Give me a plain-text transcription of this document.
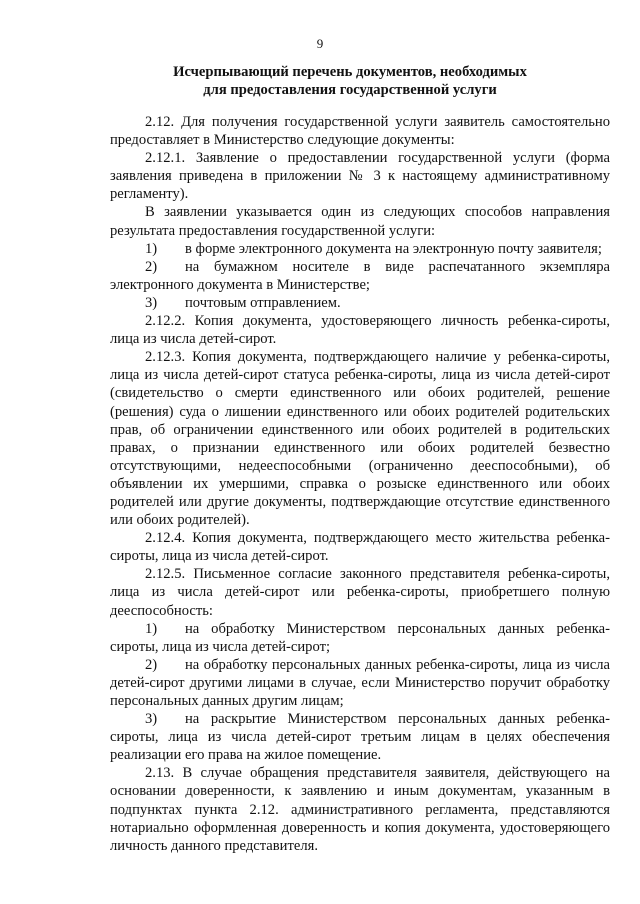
9
Исчерпывающий перечень документов, необходимых
для предоставления государственной услуги

2.12. Для получения государственной услуги заявитель самостоятельно предоставляет в Министерство следующие документы:

2.12.1. Заявление о предоставлении государственной услуги (форма заявления приведена в приложении № 3 к настоящему административному регламенту).

В заявлении указывается один из следующих способов направления результата предоставления государственной услуги:

1) в форме электронного документа на электронную почту заявителя;

2) на бумажном носителе в виде распечатанного экземпляра электронного документа в Министерстве;

3) почтовым отправлением.

2.12.2. Копия документа, удостоверяющего личность ребенка-сироты, лица из числа детей-сирот.

2.12.3. Копия документа, подтверждающего наличие у ребенка-сироты, лица из числа детей-сирот статуса ребенка-сироты, лица из числа детей-сирот (свидетельство о смерти единственного или обоих родителей, решение (решения) суда о лишении единственного или обоих родителей родительских прав, об ограничении единственного или обоих родителей в родительских правах, о признании единственного или обоих родителей безвестно отсутствующими, недееспособными (ограниченно дееспособными), об объявлении их умершими, справка о розыске единственного или обоих родителей или другие документы, подтверждающие отсутствие единственного или обоих родителей).

2.12.4. Копия документа, подтверждающего место жительства ребенка-сироты, лица из числа детей-сирот.

2.12.5. Письменное согласие законного представителя ребенка-сироты, лица из числа детей-сирот или ребенка-сироты, приобретшего полную дееспособность:

1) на обработку Министерством персональных данных ребенка-сироты, лица из числа детей-сирот;

2) на обработку персональных данных ребенка-сироты, лица из числа детей-сирот другими лицами в случае, если Министерство поручит обработку персональных данных другим лицам;

3) на раскрытие Министерством персональных данных ребенка-сироты, лица из числа детей-сирот третьим лицам в целях обеспечения реализации его права на жилое помещение.

2.13. В случае обращения представителя заявителя, действующего на основании доверенности, к заявлению и иным документам, указанным в подпунктах пункта 2.12. административного регламента, представляются нотариально оформленная доверенность и копия документа, удостоверяющего личность данного представителя.
